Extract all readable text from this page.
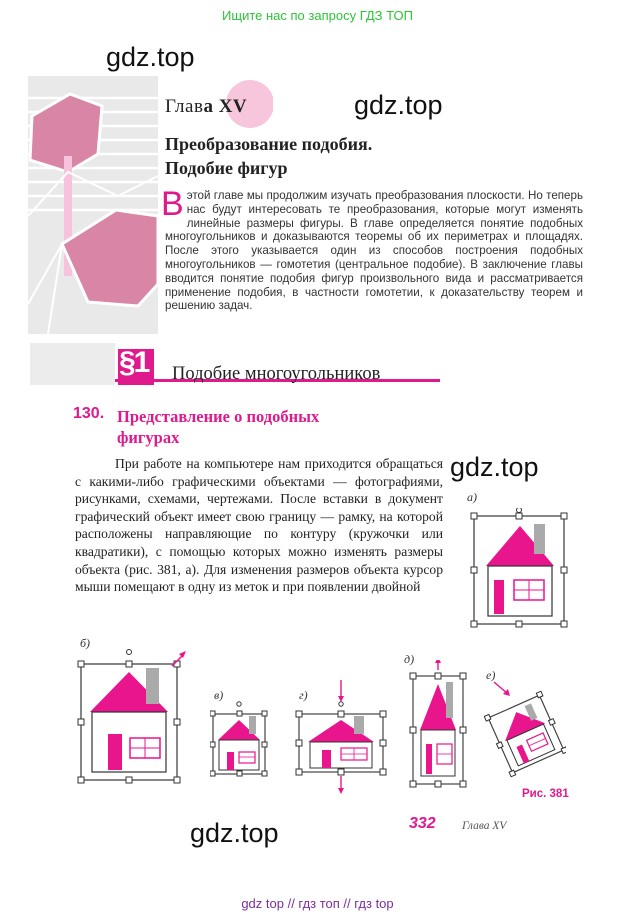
Ищите нас по запросу ГДЗ ТОП
gdz.top
gdz.top
Глава XV
Преобразование подобия.
Подобие фигур
Вэтой главе мы продолжим изучать преобразования плоскости. Но теперь нас будут интересовать те преобразования, которые могут изменять линейные размеры фигуры. В главе определяется понятие подобных многоугольников и доказываются теоремы об их периметрах и площадях. После этого указывается один из способов построения подобных многоугольников — гомотетия (центральное подобие). В заключение главы вводится понятие подобия фигур произвольного вида и рассматривается применение подобия, в частности гомотетии, к доказательству теорем и решению задач.
§1 Подобие многоугольников
130. Представление о подобных
фигурах
gdz.top

При работе на компьютере нам приходится обращаться с какими-либо графическими объектами — фотографиями, рисунками, схемами, чертежами. После вставки в документ графический объект имеет свою границу — рамку, на которой расположены направляющие по контуру (кружочки или квадратики), с помощью которых можно изменять размеры объекта (рис. 381, а). Для изменения размеров объекта курсор мыши помещают в одну из меток и при появлении двойной

а)
б)
в)	г)
д)
е)
Рис. 381
gdz.top	332 Глава XV
gdz top // гдз топ // гдз top
